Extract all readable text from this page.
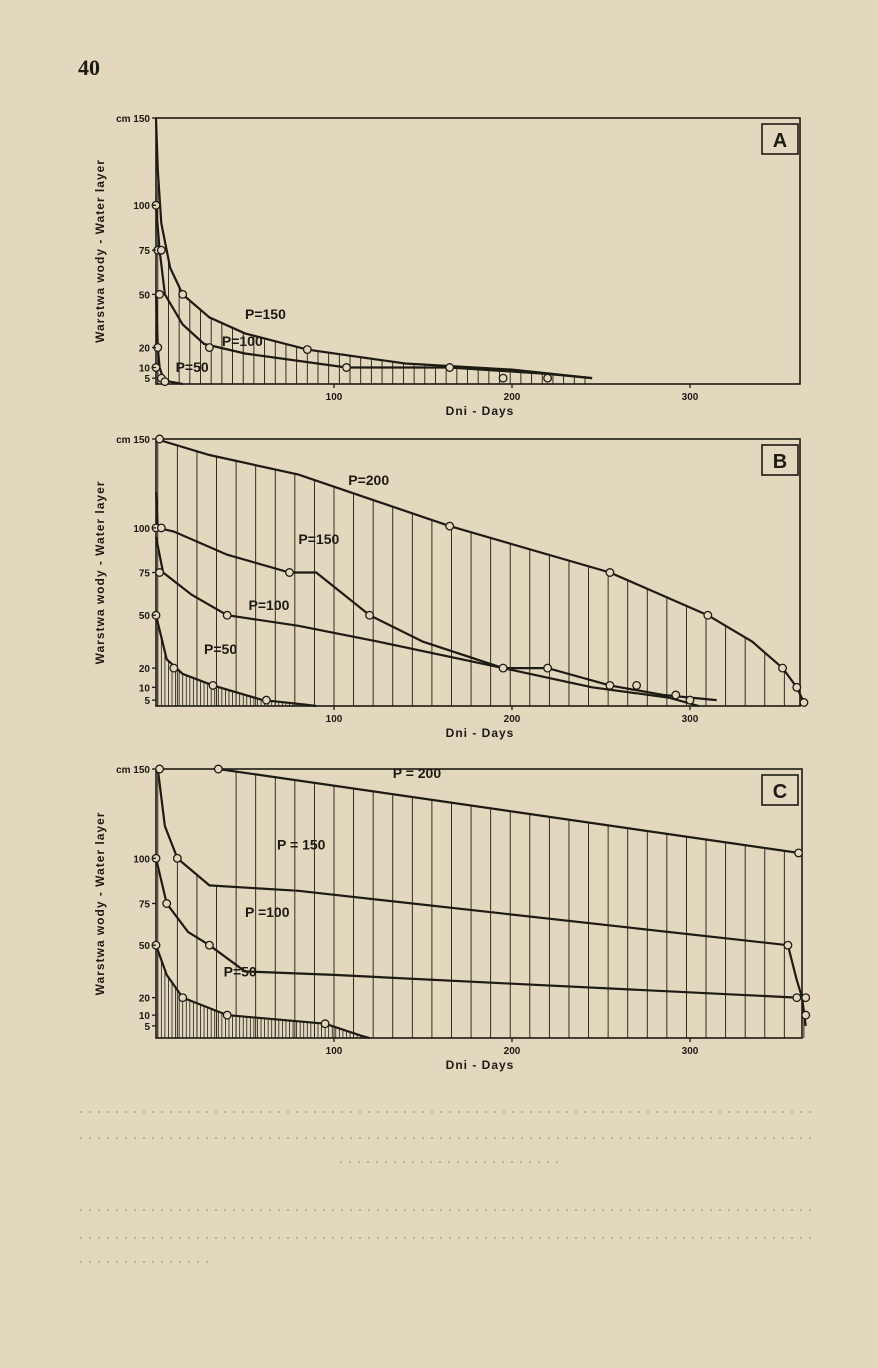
40
A
P=150
P=100
P=50
5
10
20
50
75
100
cm 150
100	200	300
Dni - Days
Warstwa wody - Water layer
B
P=200
P=150
P=100
P=50
5
10
20
50
75
100
cm 150
100	200	300
Dni - Days
Warstwa wody - Water layer
C
P = 200
P = 150
P =100
P=50
5
10
20
50
75
100
cm 150
100	200	300
Dni - Days
Warstwa wody - Water layer
